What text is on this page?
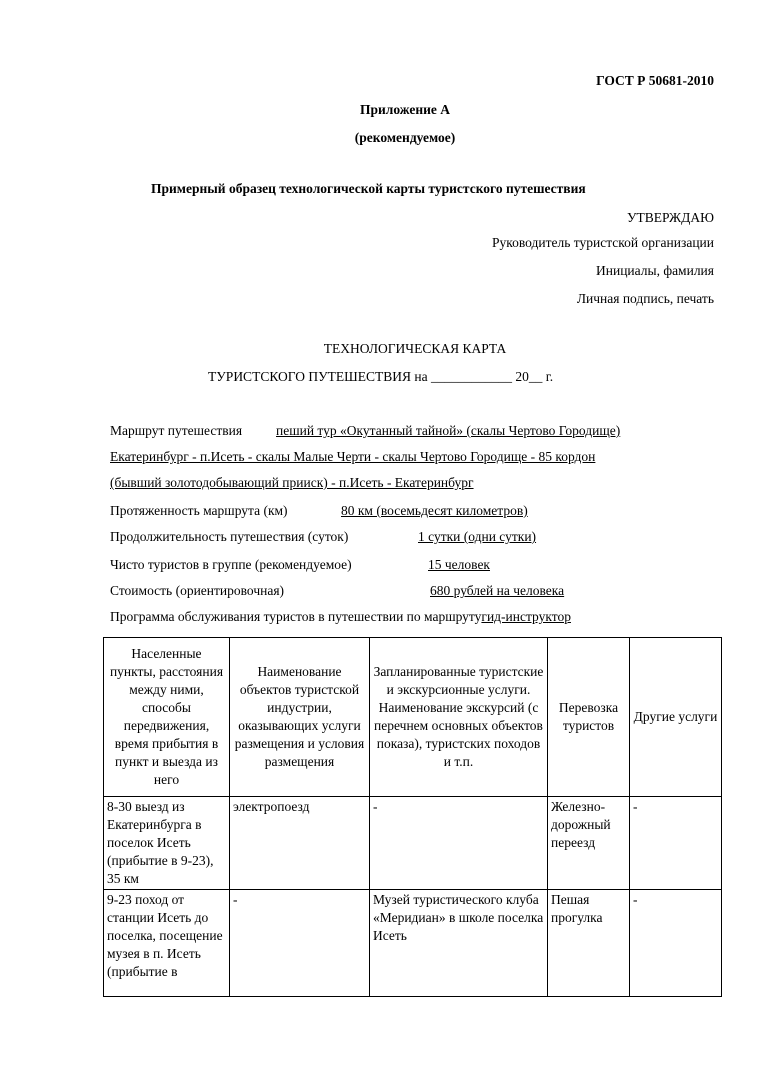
ГОСТ Р 50681-2010
Приложение А
(рекомендуемое)
Примерный образец технологической карты туристского путешествия
УТВЕРЖДАЮ
Руководитель туристской организации
Инициалы, фамилия
Личная подпись, печать
ТЕХНОЛОГИЧЕСКАЯ КАРТА
ТУРИСТСКОГО ПУТЕШЕСТВИЯ на ____________ 20__ г.
Маршрут путешествия	пеший тур «Окутанный тайной» (скалы Чертово Городище)
Екатеринбург - п.Исеть - скалы Малые Черти - скалы Чертово Городище - 85 кордон
(бывший золотодобывающий прииск) - п.Исеть - Екатеринбург
Протяженность маршрута (км)	80 км (восемьдесят километров)
Продолжительность путешествия (суток)	1 сутки (одни сутки)
Чисто туристов в группе (рекомендуемое)	15 человек
Стоимость (ориентировочная)	680 рублей на человека
Программа обслуживания туристов в путешествии по маршрутугид-инструктор
Населенные пункты, расстояния между ними, способы передвижения, время прибытия в пункт и выезда из него	Наименование объектов туристской индустрии, оказывающих услуги размещения и условия размещения	Запланированные туристские и экскурсионные услуги. Наименование экскурсий (с перечнем основных объектов показа), туристских походов и т.п.	Перевозка туристов	Другие услуги
8-30 выезд из Екатеринбурга в поселок Исеть (прибытие в 9-23), 35 км	электропоезд	-	Железно-дорожный переезд	-
9-23 поход от станции Исеть до поселка, посещение музея в п. Исеть (прибытие в	-	Музей туристического клуба «Меридиан» в школе поселка Исеть	Пешая прогулка	-
